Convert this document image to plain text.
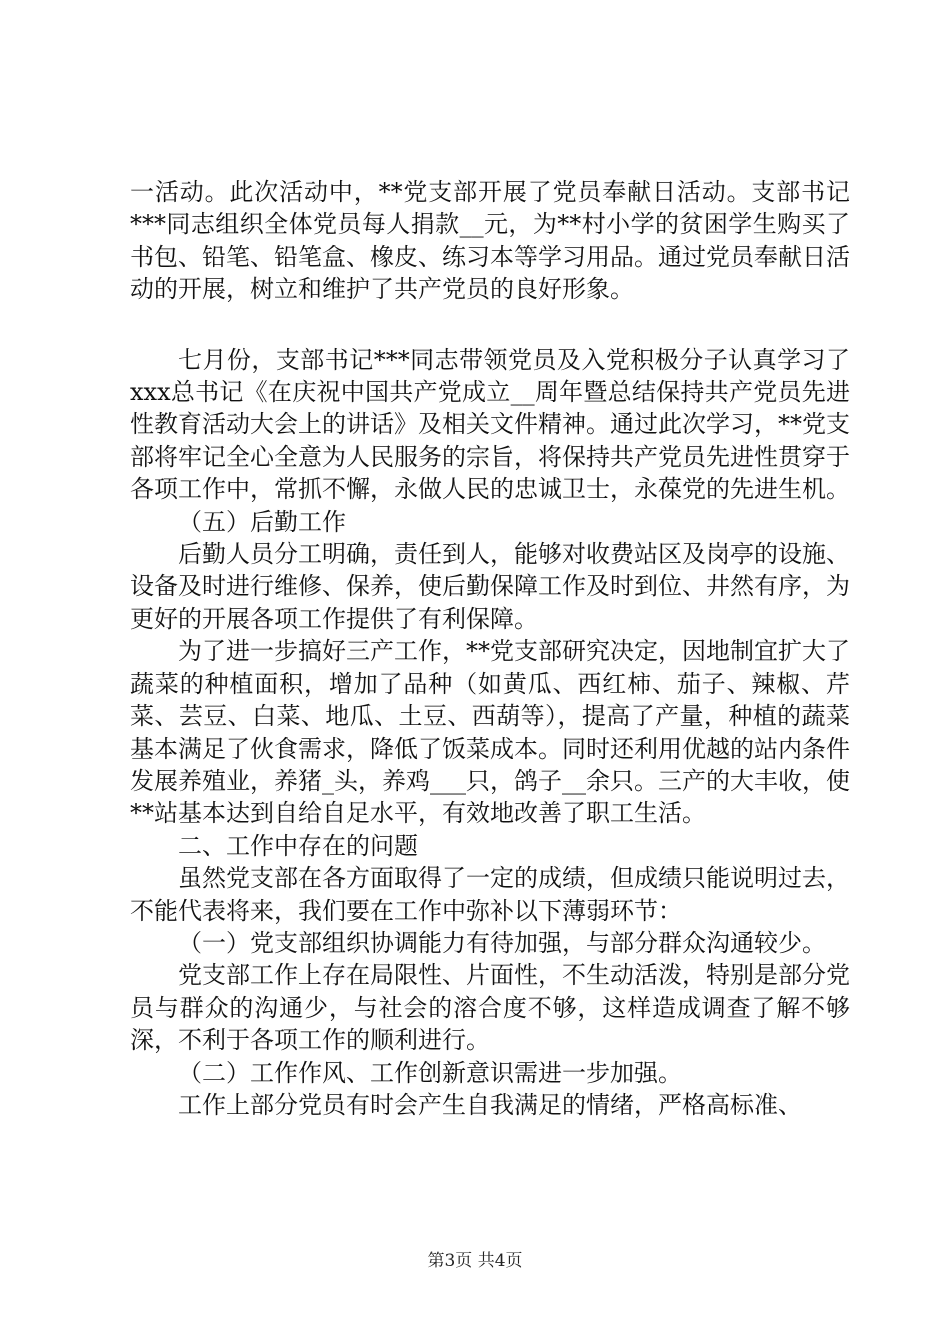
一活动。此次活动中，**党支部开展了党员奉献日活动。支部书记***同志组织全体党员每人捐款__元，为**村小学的贫困学生购买了书包、铅笔、铅笔盒、橡皮、练习本等学习用品。通过党员奉献日活动的开展，树立和维护了共产党员的良好形象。

七月份，支部书记***同志带领党员及入党积极分子认真学习了xxx总书记《在庆祝中国共产党成立__周年暨总结保持共产党员先进性教育活动大会上的讲话》及相关文件精神。通过此次学习，**党支部将牢记全心全意为人民服务的宗旨，将保持共产党员先进性贯穿于各项工作中，常抓不懈，永做人民的忠诚卫士，永葆党的先进生机。

（五）后勤工作

后勤人员分工明确，责任到人，能够对收费站区及岗亭的设施、设备及时进行维修、保养，使后勤保障工作及时到位、井然有序，为更好的开展各项工作提供了有利保障。

为了进一步搞好三产工作，**党支部研究决定，因地制宜扩大了蔬菜的种植面积，增加了品种（如黄瓜、西红柿、茄子、辣椒、芹菜、芸豆、白菜、地瓜、土豆、西葫等），提高了产量，种植的蔬菜基本满足了伙食需求，降低了饭菜成本。同时还利用优越的站内条件发展养殖业，养猪_头，养鸡___只，鸽子__余只。三产的大丰收，使**站基本达到自给自足水平，有效地改善了职工生活。

二、工作中存在的问题

虽然党支部在各方面取得了一定的成绩，但成绩只能说明过去，不能代表将来，我们要在工作中弥补以下薄弱环节：

（一）党支部组织协调能力有待加强，与部分群众沟通较少。

党支部工作上存在局限性、片面性，不生动活泼，特别是部分党员与群众的沟通少，与社会的溶合度不够，这样造成调查了解不够深，不利于各项工作的顺利进行。

（二）工作作风、工作创新意识需进一步加强。

工作上部分党员有时会产生自我满足的情绪，严格高标准、

第3页 共4页
